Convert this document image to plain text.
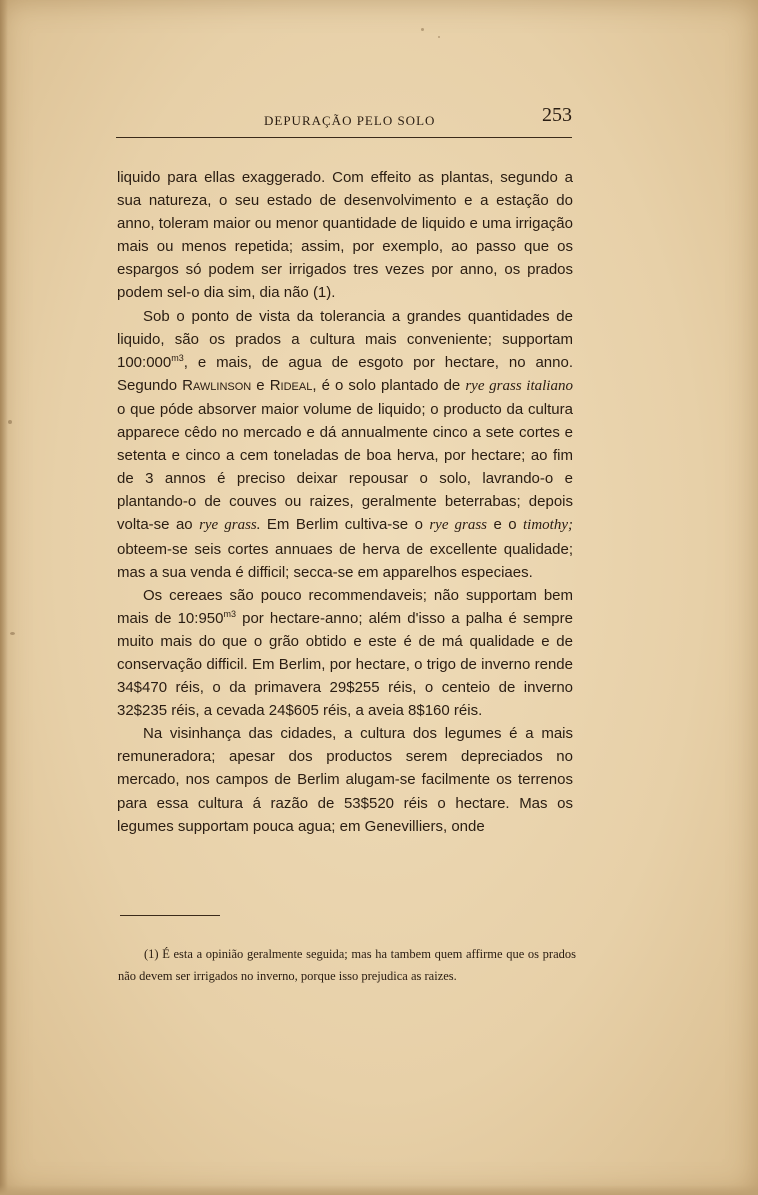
DEPURAÇÃO PELO SOLO	253

liquido para ellas exaggerado. Com effeito as plantas, segundo a sua natureza, o seu estado de desenvolvimento e a estação do anno, toleram maior ou menor quantidade de liquido e uma irrigação mais ou menos repetida; assim, por exemplo, ao passo que os espargos só podem ser irrigados tres vezes por anno, os prados podem sel-o dia sim, dia não (1).

Sob o ponto de vista da tolerancia a grandes quantidades de liquido, são os prados a cultura mais conveniente; supportam $100:000^{m3}$, e mais, de agua de esgoto por hectare, no anno. Segundo Rawlinson e Rideal, é o solo plantado de rye grass italiano o que póde absorver maior volume de liquido; o producto da cultura apparece cêdo no mercado e dá annualmente cinco a sete cortes e setenta e cinco a cem toneladas de boa herva, por hectare; ao fim de 3 annos é preciso deixar repousar o solo, lavrando-o e plantando-o de couves ou raizes, geralmente beterrabas; depois volta-se ao rye grass. Em Berlim cultiva-se o rye grass e o timothy; obteem-se seis cortes annuaes de herva de excellente qualidade; mas a sua venda é difficil; secca-se em apparelhos especiaes.

Os cereaes são pouco recommendaveis; não supportam bem mais de $10:950^{m3}$ por hectare-anno; além d'isso a palha é sempre muito mais do que o grão obtido e este é de má qualidade e de conservação difficil. Em Berlim, por hectare, o trigo de inverno rende 34$470 réis, o da primavera 29$255 réis, o centeio de inverno 32$235 réis, a cevada 24$605 réis, a aveia 8$160 réis.

Na visinhança das cidades, a cultura dos legumes é a mais remuneradora; apesar dos productos serem depreciados no mercado, nos campos de Berlim alugam-se facilmente os terrenos para essa cultura á razão de 53$520 réis o hectare. Mas os legumes supportam pouca agua; em Genevilliers, onde

(1) É esta a opinião geralmente seguida; mas ha tambem quem affirme que os prados não devem ser irrigados no inverno, porque isso prejudica as raizes.
